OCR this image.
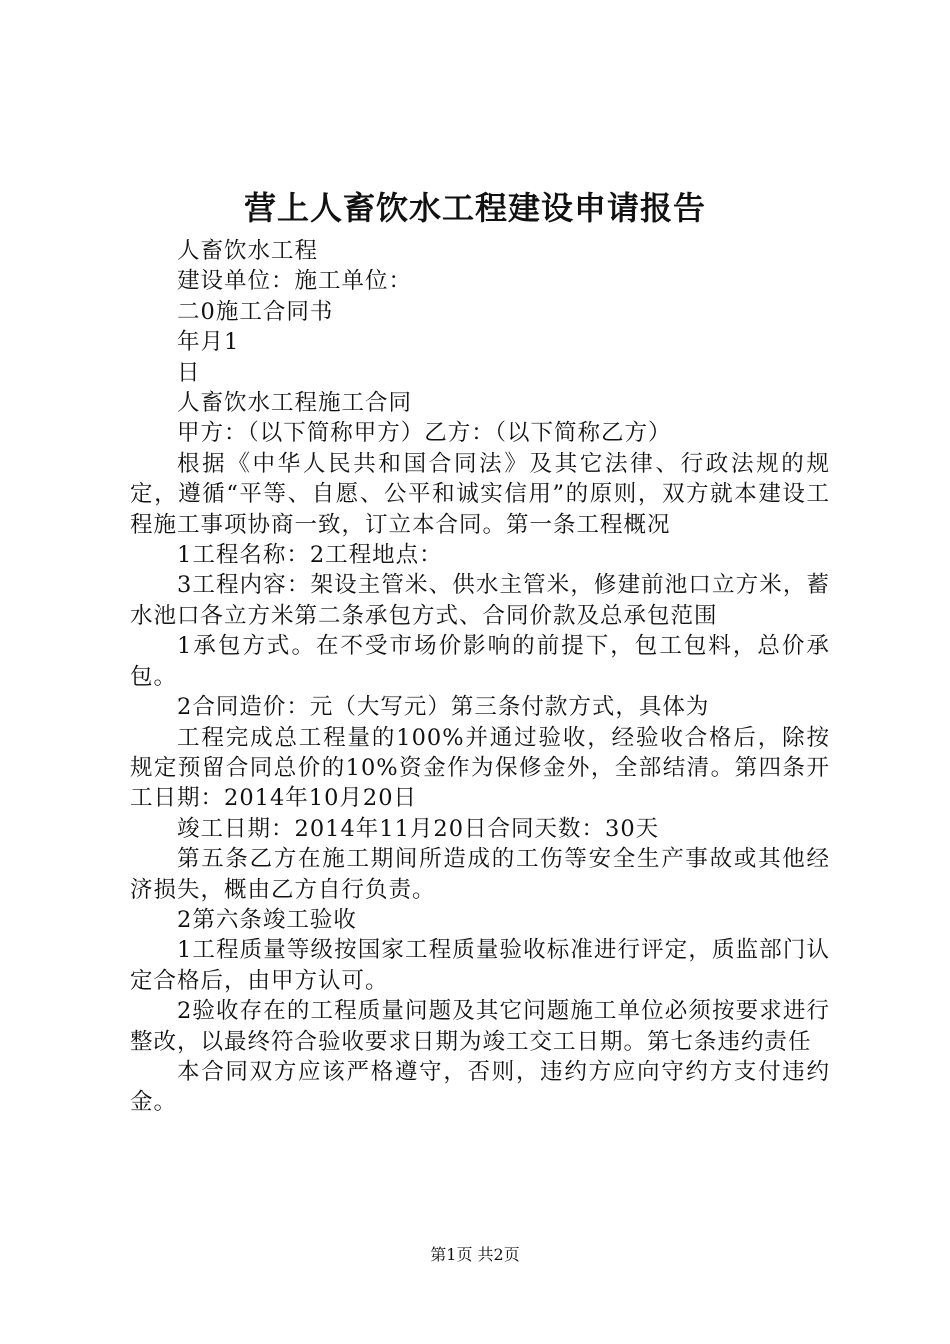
营上人畜饮水工程建设申请报告

人畜饮水工程

建设单位：施工单位：

二0施工合同书

年月1

日

人畜饮水工程施工合同

甲方：（以下简称甲方）乙方：（以下简称乙方）

根据《中华人民共和国合同法》及其它法律、行政法规的规定，遵循“平等、自愿、公平和诚实信用”的原则，双方就本建设工程施工事项协商一致，订立本合同。第一条工程概况

1工程名称：2工程地点：

3工程内容：架设主管米、供水主管米，修建前池口立方米，蓄水池口各立方米第二条承包方式、合同价款及总承包范围

1承包方式。在不受市场价影响的前提下，包工包料，总价承包。

2合同造价：元（大写元）第三条付款方式，具体为

工程完成总工程量的100%并通过验收，经验收合格后，除按规定预留合同总价的10%资金作为保修金外，全部结清。第四条开工日期：2014年10月20日

竣工日期：2014年11月20日合同天数：30天

第五条乙方在施工期间所造成的工伤等安全生产事故或其他经济损失，概由乙方自行负责。

2第六条竣工验收

1工程质量等级按国家工程质量验收标准进行评定，质监部门认定合格后，由甲方认可。

2验收存在的工程质量问题及其它问题施工单位必须按要求进行整改，以最终符合验收要求日期为竣工交工日期。第七条违约责任

本合同双方应该严格遵守，否则，违约方应向守约方支付违约金。

第1页 共2页
